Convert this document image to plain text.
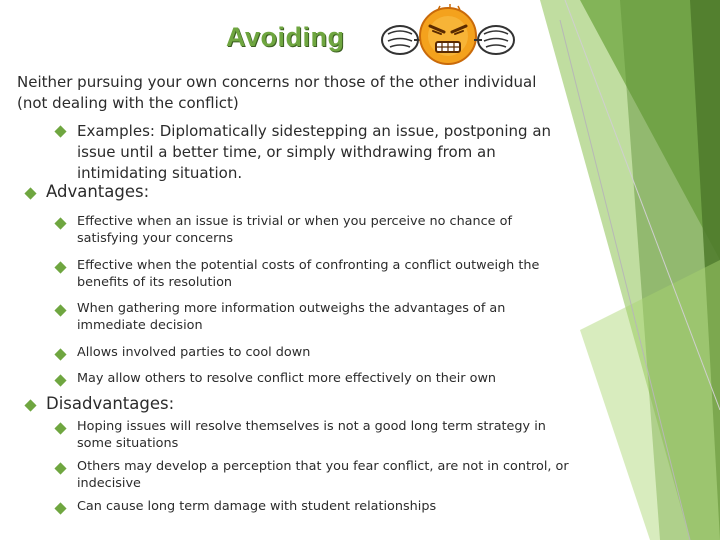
Avoiding
Neither pursuing your own concerns nor those of the other individual (not dealing with the conflict)
Examples: Diplomatically sidestepping an issue, postponing an issue until a better time, or simply withdrawing from an intimidating situation.
Advantages:
Effective when an issue is trivial or when you perceive no chance of satisfying your concerns
Effective when the potential costs of confronting a conflict outweigh the benefits of its resolution
When gathering more information outweighs the advantages of an immediate decision
Allows involved parties to cool down
May allow others to resolve conflict more effectively on their own
Disadvantages:
Hoping issues will resolve themselves is not a good long term strategy in some situations
Others may develop a perception that you fear conflict, are not in control, or indecisive
Can cause long term damage with student relationships
